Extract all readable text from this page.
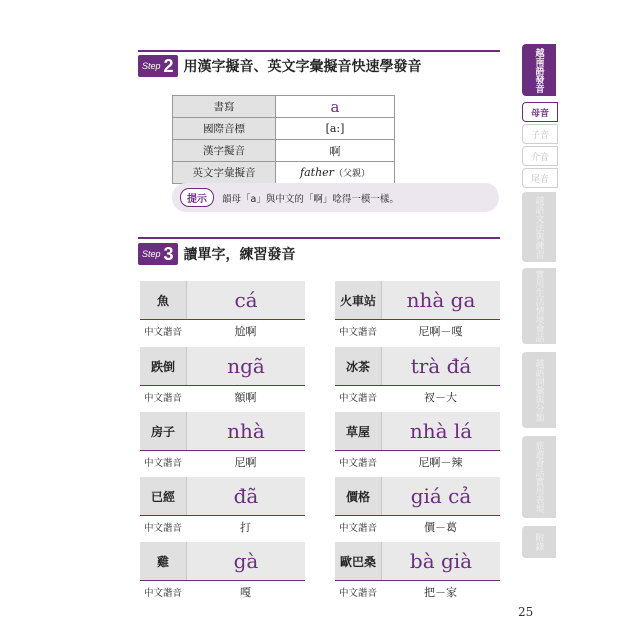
Step 2 用漢字擬音、英文字彙擬音快速學發音
書寫	a
國際音標	[a:]
漢字擬音	啊
英文字彙擬音	father（父親）
提示	韻母「a」與中文的「啊」唸得一模一樣。
Step 3 讀單字，練習發音
魚	cá
中文諧音	尬啊
火車站	nhà ga
中文諧音	尼啊－嘎
跌倒	ngã
中文諧音	額啊
冰茶	trà đá
中文諧音	衩－大
房子	nhà
中文諧音	尼啊
草屋	nhà lá
中文諧音	尼啊－辣
已經	đã
中文諧音	打
價格	giá cả
中文諧音	價－葛
雞	gà
中文諧音	嘎
歐巴桑	bà già
中文諧音	把－家
越南語發音
母音
子音
介音
尾音
越語文法與練習
實用生活情境會話
越語詞彙與分類
旅遊會話實用表現
附錄
25
